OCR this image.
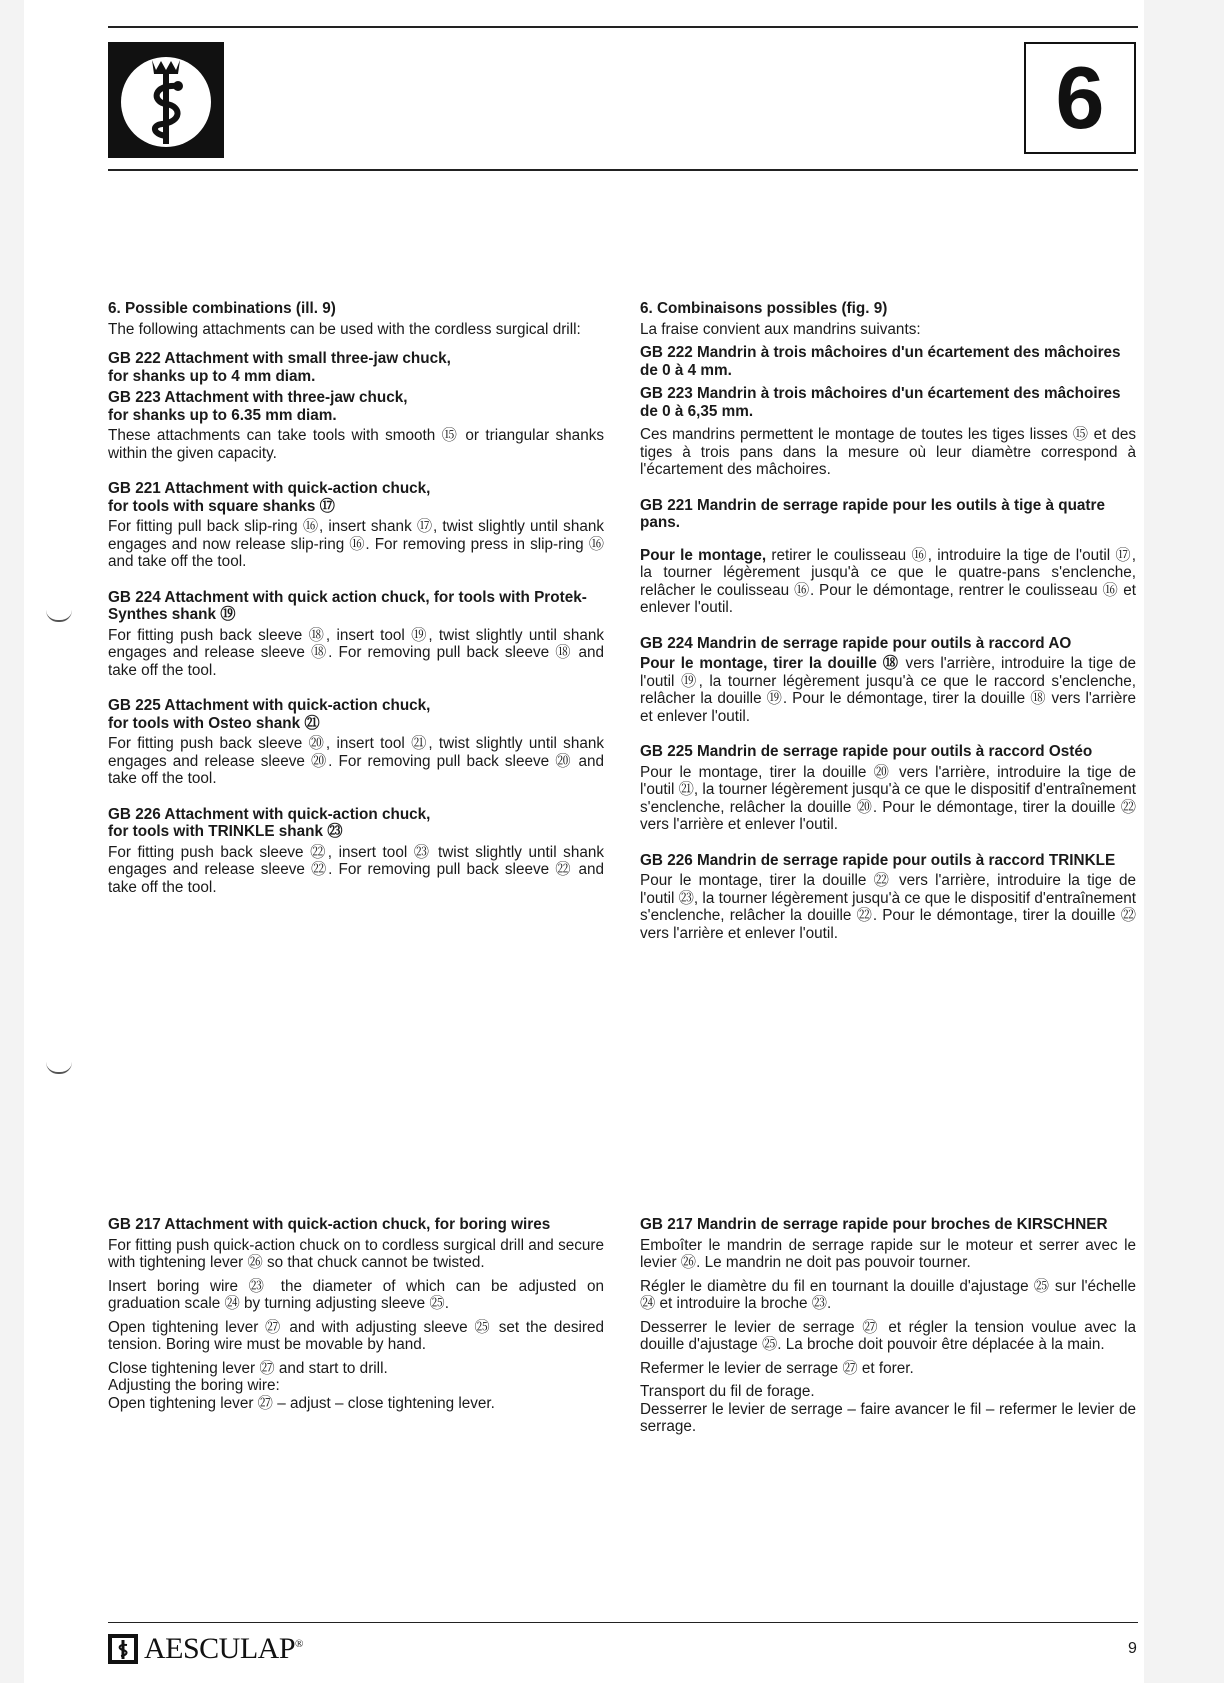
6
6. Possible combinations (ill. 9)

The following attachments can be used with the cordless surgical drill:

GB 222 Attachment with small three-jaw chuck,
for shanks up to 4 mm diam.
GB 223 Attachment with three-jaw chuck,
for shanks up to 6.35 mm diam.

These attachments can take tools with smooth ⑮ or triangular shanks within the given capacity.

GB 221 Attachment with quick-action chuck,
for tools with square shanks ⑰

For fitting pull back slip-ring ⑯, insert shank ⑰, twist slightly until shank engages and now release slip-ring ⑯. For removing press in slip-ring ⑯ and take off the tool.

GB 224 Attachment with quick action chuck, for tools with Protek-Synthes shank ⑲

For fitting push back sleeve ⑱, insert tool ⑲, twist slightly until shank engages and release sleeve ⑱. For removing pull back sleeve ⑱ and take off the tool.

GB 225 Attachment with quick-action chuck,
for tools with Osteo shank ㉑

For fitting push back sleeve ⑳, insert tool ㉑, twist slightly until shank engages and release sleeve ⑳. For removing pull back sleeve ⑳ and take off the tool.

GB 226 Attachment with quick-action chuck,
for tools with TRINKLE shank ㉓

For fitting push back sleeve ㉒, insert tool ㉓ twist slightly until shank engages and release sleeve ㉒. For removing pull back sleeve ㉒ and take off the tool.

6. Combinaisons possibles (fig. 9)

La fraise convient aux mandrins suivants:

GB 222 Mandrin à trois mâchoires d'un écartement des mâchoires de 0 à 4 mm.
GB 223 Mandrin à trois mâchoires d'un écartement des mâchoires de 0 à 6,35 mm.

Ces mandrins permettent le montage de toutes les tiges lisses ⑮ et des tiges à trois pans dans la mesure où leur diamètre correspond à l'écartement des mâchoires.

GB 221 Mandrin de serrage rapide pour les outils à tige à quatre pans.

Pour le montage, retirer le coulisseau ⑯, introduire la tige de l'outil ⑰, la tourner légèrement jusqu'à ce que le quatre-pans s'enclenche, relâcher le coulisseau ⑯. Pour le démontage, rentrer le coulisseau ⑯ et enlever l'outil.

GB 224 Mandrin de serrage rapide pour outils à raccord AO

Pour le montage, tirer la douille ⑱ vers l'arrière, introduire la tige de l'outil ⑲, la tourner légèrement jusqu'à ce que le raccord s'enclenche, relâcher la douille ⑲. Pour le démontage, tirer la douille ⑱ vers l'arrière et enlever l'outil.

GB 225 Mandrin de serrage rapide pour outils à raccord Ostéo

Pour le montage, tirer la douille ⑳ vers l'arrière, introduire la tige de l'outil ㉑, la tourner légèrement jusqu'à ce que le dispositif d'entraînement s'enclenche, relâcher la douille ⑳. Pour le démontage, tirer la douille ㉒ vers l'arrière et enlever l'outil.

GB 226 Mandrin de serrage rapide pour outils à raccord TRINKLE

Pour le montage, tirer la douille ㉒ vers l'arrière, introduire la tige de l'outil ㉓, la tourner légèrement jusqu'à ce que le dispositif d'entraînement s'enclenche, relâcher la douille ㉒. Pour le démontage, tirer la douille ㉒ vers l'arrière et enlever l'outil.

GB 217 Attachment with quick-action chuck, for boring wires

For fitting push quick-action chuck on to cordless surgical drill and secure with tightening lever ㉖ so that chuck cannot be twisted.

Insert boring wire ㉓ the diameter of which can be adjusted on graduation scale ㉔ by turning adjusting sleeve ㉕.

Open tightening lever ㉗ and with adjusting sleeve ㉕ set the desired tension. Boring wire must be movable by hand.

Close tightening lever ㉗ and start to drill.

Adjusting the boring wire:

Open tightening lever ㉗ – adjust – close tightening lever.

GB 217 Mandrin de serrage rapide pour broches de KIRSCHNER

Emboîter le mandrin de serrage rapide sur le moteur et serrer avec le levier ㉖. Le mandrin ne doit pas pouvoir tourner.

Régler le diamètre du fil en tournant la douille d'ajustage ㉕ sur l'échelle ㉔ et introduire la broche ㉓.

Desserrer le levier de serrage ㉗ et régler la tension voulue avec la douille d'ajustage ㉕. La broche doit pouvoir être déplacée à la main.

Refermer le levier de serrage ㉗ et forer.

Transport du fil de forage.

Desserrer le levier de serrage – faire avancer le fil – refermer le levier de serrage.

AESCULAP®	9
